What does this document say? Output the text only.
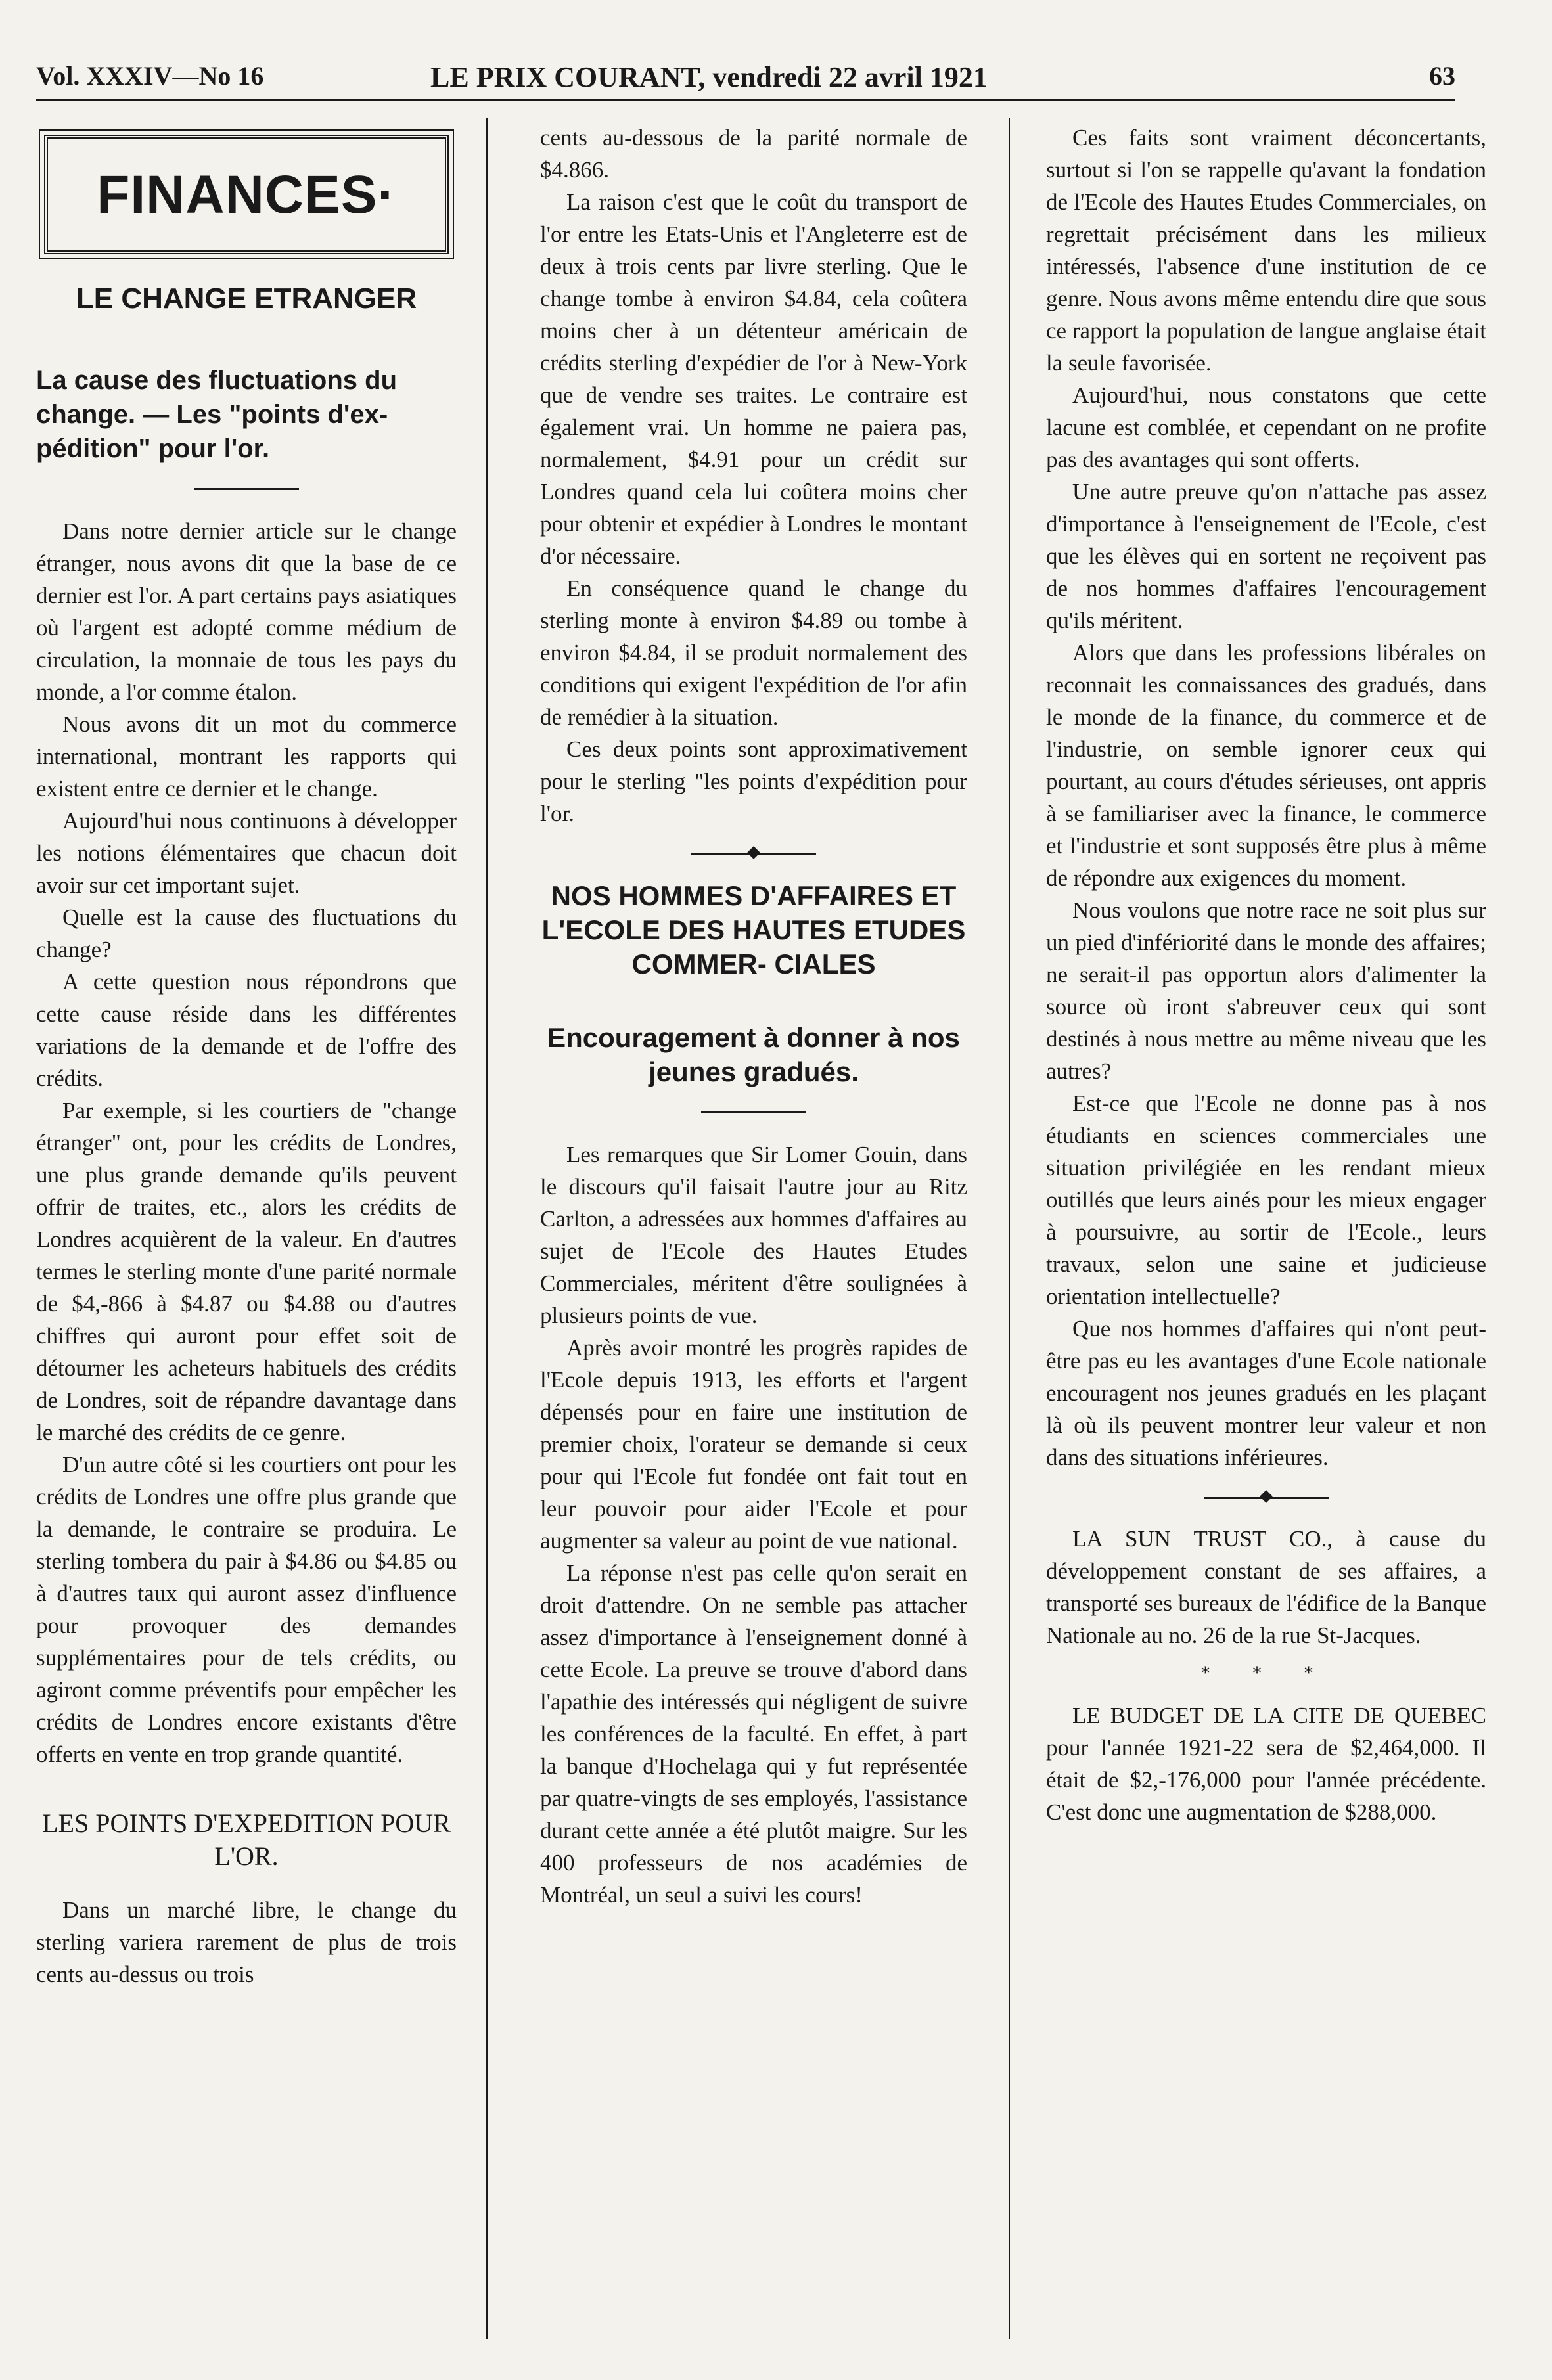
Vol. XXXIV—No 16	LE PRIX COURANT, vendredi 22 avril 1921	63
FINANCES·
LE CHANGE ETRANGER
La cause des fluctuations du change. — Les "points d'ex- pédition" pour l'or.

Dans notre dernier article sur le change étranger, nous avons dit que la base de ce dernier est l'or. A part certains pays asiatiques où l'argent est adopté comme médium de circulation, la monnaie de tous les pays du monde, a l'or comme étalon.

Nous avons dit un mot du commerce international, montrant les rapports qui existent entre ce dernier et le change.

Aujourd'hui nous continuons à développer les notions élémentaires que chacun doit avoir sur cet important sujet.

Quelle est la cause des fluctuations du change?

A cette question nous répondrons que cette cause réside dans les différentes variations de la demande et de l'offre des crédits.

Par exemple, si les courtiers de "change étranger" ont, pour les crédits de Londres, une plus grande demande qu'ils peuvent offrir de traites, etc., alors les crédits de Londres acquièrent de la valeur. En d'autres termes le sterling monte d'une parité normale de $4,-866 à $4.87 ou $4.88 ou d'autres chiffres qui auront pour effet soit de détourner les acheteurs habituels des crédits de Londres, soit de répandre davantage dans le marché des crédits de ce genre.

D'un autre côté si les courtiers ont pour les crédits de Londres une offre plus grande que la demande, le contraire se produira. Le sterling tombera du pair à $4.86 ou $4.85 ou à d'autres taux qui auront assez d'influence pour provoquer des demandes supplémentaires pour de tels crédits, ou agiront comme préventifs pour empêcher les crédits de Londres encore existants d'être offerts en vente en trop grande quantité.

LES POINTS D'EXPEDITION POUR L'OR.

Dans un marché libre, le change du sterling variera rarement de plus de trois cents au-dessus ou trois

cents au-dessous de la parité normale de $4.866.

La raison c'est que le coût du transport de l'or entre les Etats-Unis et l'Angleterre est de deux à trois cents par livre sterling. Que le change tombe à environ $4.84, cela coûtera moins cher à un détenteur américain de crédits sterling d'expédier de l'or à New-York que de vendre ses traites. Le contraire est également vrai. Un homme ne paiera pas, normalement, $4.91 pour un crédit sur Londres quand cela lui coûtera moins cher pour obtenir et expédier à Londres le montant d'or nécessaire.

En conséquence quand le change du sterling monte à environ $4.89 ou tombe à environ $4.84, il se produit normalement des conditions qui exigent l'expédition de l'or afin de remédier à la situation.

Ces deux points sont approximativement pour le sterling "les points d'expédition pour l'or.

NOS HOMMES D'AFFAIRES ET L'ECOLE DES HAUTES ETUDES COMMER- CIALES
Encouragement à donner à nos jeunes gradués.

Les remarques que Sir Lomer Gouin, dans le discours qu'il faisait l'autre jour au Ritz Carlton, a adressées aux hommes d'affaires au sujet de l'Ecole des Hautes Etudes Commerciales, méritent d'être soulignées à plusieurs points de vue.

Après avoir montré les progrès rapides de l'Ecole depuis 1913, les efforts et l'argent dépensés pour en faire une institution de premier choix, l'orateur se demande si ceux pour qui l'Ecole fut fondée ont fait tout en leur pouvoir pour aider l'Ecole et pour augmenter sa valeur au point de vue national.

La réponse n'est pas celle qu'on serait en droit d'attendre. On ne semble pas attacher assez d'importance à l'enseignement donné à cette Ecole. La preuve se trouve d'abord dans l'apathie des intéressés qui négligent de suivre les conférences de la faculté. En effet, à part la banque d'Hochelaga qui y fut représentée par quatre-vingts de ses employés, l'assistance durant cette année a été plutôt maigre. Sur les 400 professeurs de nos académies de Montréal, un seul a suivi les cours!

Ces faits sont vraiment déconcertants, surtout si l'on se rappelle qu'avant la fondation de l'Ecole des Hautes Etudes Commerciales, on regrettait précisément dans les milieux intéressés, l'absence d'une institution de ce genre. Nous avons même entendu dire que sous ce rapport la population de langue anglaise était la seule favorisée.

Aujourd'hui, nous constatons que cette lacune est comblée, et cependant on ne profite pas des avantages qui sont offerts.

Une autre preuve qu'on n'attache pas assez d'importance à l'enseignement de l'Ecole, c'est que les élèves qui en sortent ne reçoivent pas de nos hommes d'affaires l'encouragement qu'ils méritent.

Alors que dans les professions libérales on reconnait les connaissances des gradués, dans le monde de la finance, du commerce et de l'industrie, on semble ignorer ceux qui pourtant, au cours d'études sérieuses, ont appris à se familiariser avec la finance, le commerce et l'industrie et sont supposés être plus à même de répondre aux exigences du moment.

Nous voulons que notre race ne soit plus sur un pied d'infériorité dans le monde des affaires; ne serait-il pas opportun alors d'alimenter la source où iront s'abreuver ceux qui sont destinés à nous mettre au même niveau que les autres?

Est-ce que l'Ecole ne donne pas à nos étudiants en sciences commerciales une situation privilégiée en les rendant mieux outillés que leurs ainés pour les mieux engager à poursuivre, au sortir de l'Ecole., leurs travaux, selon une saine et judicieuse orientation intellectuelle?

Que nos hommes d'affaires qui n'ont peut-être pas eu les avantages d'une Ecole nationale encouragent nos jeunes gradués en les plaçant là où ils peuvent montrer leur valeur et non dans des situations inférieures.

LA SUN TRUST CO., à cause du développement constant de ses affaires, a transporté ses bureaux de l'édifice de la Banque Nationale au no. 26 de la rue St-Jacques.

* * *

LE BUDGET DE LA CITE DE QUEBEC pour l'année 1921-22 sera de $2,464,000. Il était de $2,-176,000 pour l'année précédente. C'est donc une augmentation de $288,000.
